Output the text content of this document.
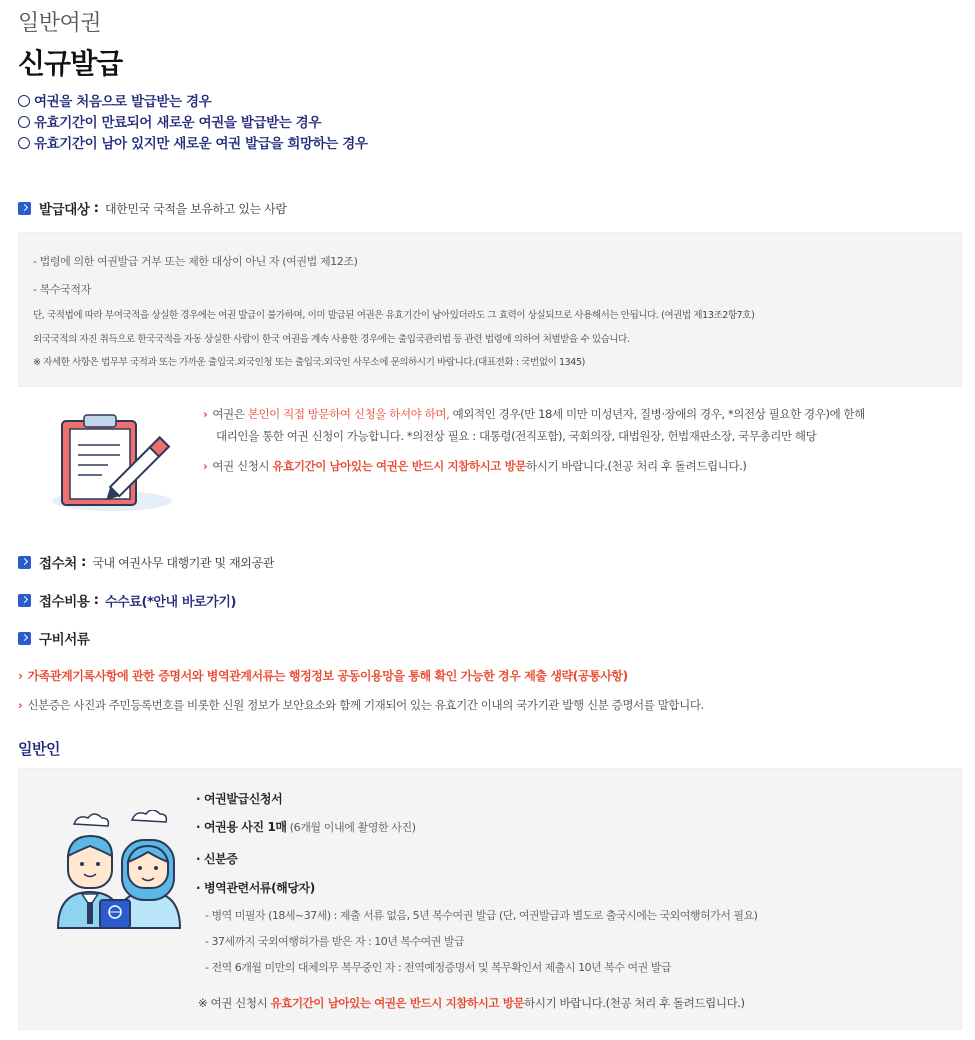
일반여권
신규발급
여권을 처음으로 발급받는 경우
유효기간이 만료되어 새로운 여권을 발급받는 경우
유효기간이 남아 있지만 새로운 여권 발급을 희망하는 경우
발급대상 : 대한민국 국적을 보유하고 있는 사람
- 법령에 의한 여권발급 거부 또는 제한 대상이 아닌 자 (여권법 제12조)
- 복수국적자
단, 국적법에 따라 부여국적을 상실한 경우에는 여권 발급이 불가하며, 이미 발급된 여권은 유효기간이 남아있더라도 그 효력이 상실되므로 사용해서는 안됩니다. (여권법 제13조2항7호)
외국국적의 자진 취득으로 한국국적을 자동 상실한 사람이 한국 여권을 계속 사용한 경우에는 출입국관리법 등 관련 법령에 의하여 처벌받을 수 있습니다.
※ 자세한 사항은 법무부 국적과 또는 가까운 출입국.외국인청 또는 출입국.외국인 사무소에 문의하시기 바랍니다.(대표전화 : 국번없이 1345)
› 여권은 본인이 직접 방문하여 신청을 하셔야 하며, 예외적인 경우(만 18세 미만 미성년자, 질병·장애의 경우, *의전상 필요한 경우)에 한해
대리인을 통한 여권 신청이 가능합니다. *의전상 필요 : 대통령(전직포함), 국회의장, 대법원장, 헌법재판소장, 국무총리만 해당
› 여권 신청시 유효기간이 남아있는 여권은 반드시 지참하시고 방문하시기 바랍니다.(천공 처리 후 돌려드립니다.)
접수처 : 국내 여권사무 대행기관 및 재외공관
접수비용 : 수수료(*안내 바로가기)
구비서류
› 가족관계기록사항에 관한 증명서와 병역관계서류는 행정정보 공동이용망을 통해 확인 가능한 경우 제출 생략(공통사항)
› 신분증은 사진과 주민등록번호를 비롯한 신원 정보가 보안요소와 함께 기재되어 있는 유효기간 이내의 국가기관 발행 신분 증명서를 말합니다.
일반인
· 여권발급신청서
· 여권용 사진 1매 (6개월 이내에 촬영한 사진)
· 신분증
· 병역관련서류(해당자)
- 병역 미필자 (18세~37세) : 제출 서류 없음, 5년 복수여권 발급 (단, 여권발급과 별도로 출국시에는 국외여행허가서 필요)
- 37세까지 국외여행허가를 받은 자 : 10년 복수여권 발급
- 전역 6개월 미만의 대체의무 복무중인 자 : 전역예정증명서 및 복무확인서 제출시 10년 복수 여권 발급
※ 여권 신청시 유효기간이 남아있는 여권은 반드시 지참하시고 방문하시기 바랍니다.(천공 처리 후 돌려드립니다.)
